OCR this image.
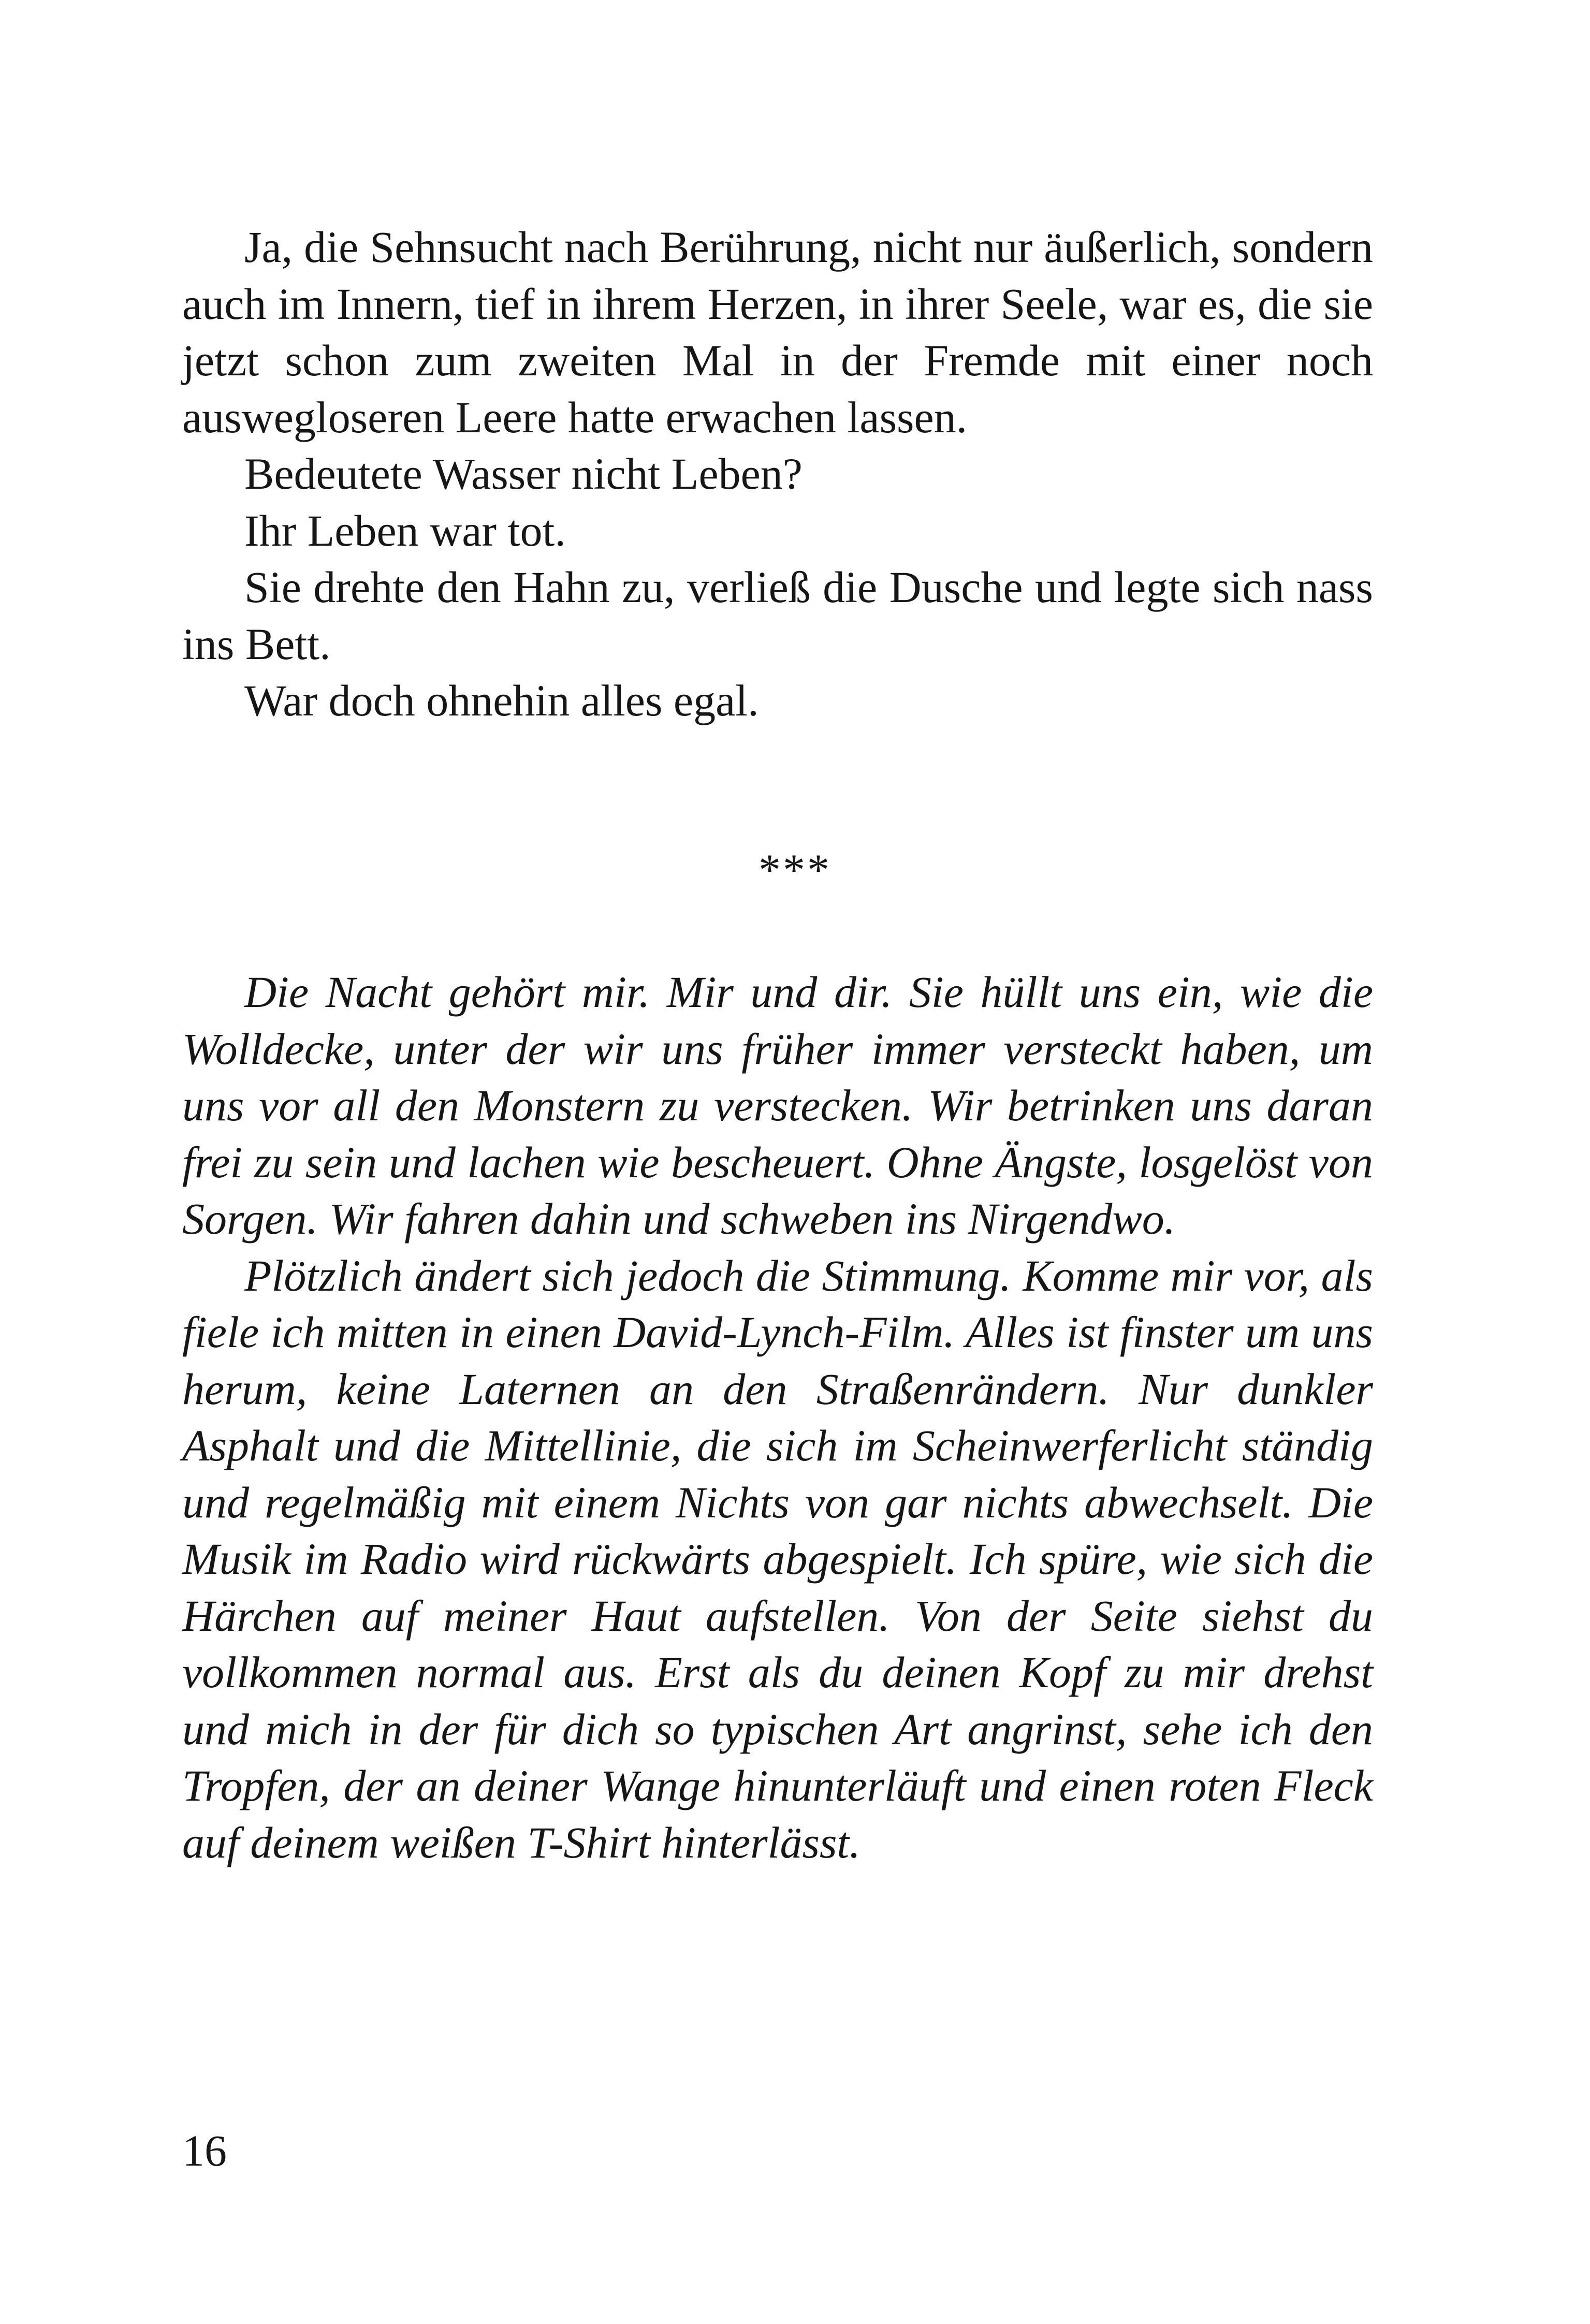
Ja, die Sehnsucht nach Berührung, nicht nur äußerlich, sondern auch im Innern, tief in ihrem Herzen, in ihrer Seele, war es, die sie jetzt schon zum zweiten Mal in der Fremde mit einer noch auswegloseren Leere hatte erwachen lassen.

Bedeutete Wasser nicht Leben?

Ihr Leben war tot.

Sie drehte den Hahn zu, verließ die Dusche und legte sich nass ins Bett.

War doch ohnehin alles egal.

***

Die Nacht gehört mir. Mir und dir. Sie hüllt uns ein, wie die Wolldecke, unter der wir uns früher immer versteckt haben, um uns vor all den Monstern zu verstecken. Wir betrinken uns daran frei zu sein und lachen wie bescheuert. Ohne Ängste, losgelöst von Sorgen. Wir fahren dahin und schweben ins Nirgendwo.

Plötzlich ändert sich jedoch die Stimmung. Komme mir vor, als fiele ich mitten in einen David-Lynch-Film. Alles ist finster um uns herum, keine Laternen an den Straßenrändern. Nur dunkler Asphalt und die Mittellinie, die sich im Scheinwerferlicht ständig und regelmäßig mit einem Nichts von gar nichts abwechselt. Die Musik im Radio wird rückwärts abgespielt. Ich spüre, wie sich die Härchen auf meiner Haut aufstellen. Von der Seite siehst du vollkommen normal aus. Erst als du deinen Kopf zu mir drehst und mich in der für dich so typischen Art angrinst, sehe ich den Tropfen, der an deiner Wange hinunterläuft und einen roten Fleck auf deinem weißen T-Shirt hinterlässt.

16
